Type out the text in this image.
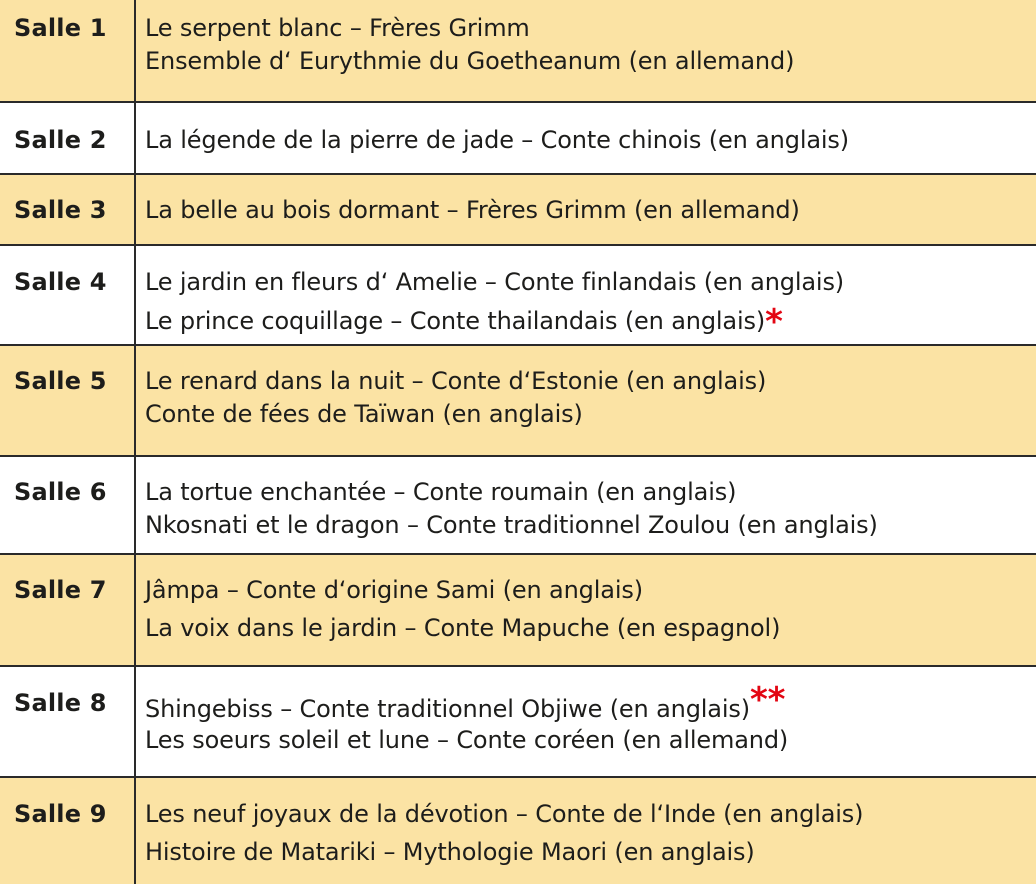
Salle 1 Le serpent blanc – Frères Grimm
Ensemble d‘ Eurythmie du Goetheanum (en allemand)
Salle 2 La légende de la pierre de jade – Conte chinois (en anglais)
Salle 3 La belle au bois dormant – Frères Grimm (en allemand)
Salle 4 Le jardin en fleurs d‘ Amelie – Conte finlandais (en anglais)
Le prince coquillage – Conte thailandais (en anglais)*
Salle 5 Le renard dans la nuit – Conte d‘Estonie (en anglais)
Conte de fées de Taïwan (en anglais)
Salle 6 La tortue enchantée – Conte roumain (en anglais)
Nkosnati et le dragon – Conte traditionnel Zoulou (en anglais)
Salle 7 Jâmpa – Conte d‘origine Sami (en anglais)
La voix dans le jardin – Conte Mapuche (en espagnol)
Salle 8 Shingebiss – Conte traditionnel Objiwe (en anglais)**
Les soeurs soleil et lune – Conte coréen (en allemand)
Salle 9 Les neuf joyaux de la dévotion – Conte de l‘Inde (en anglais)
Histoire de Matariki – Mythologie Maori (en anglais)
